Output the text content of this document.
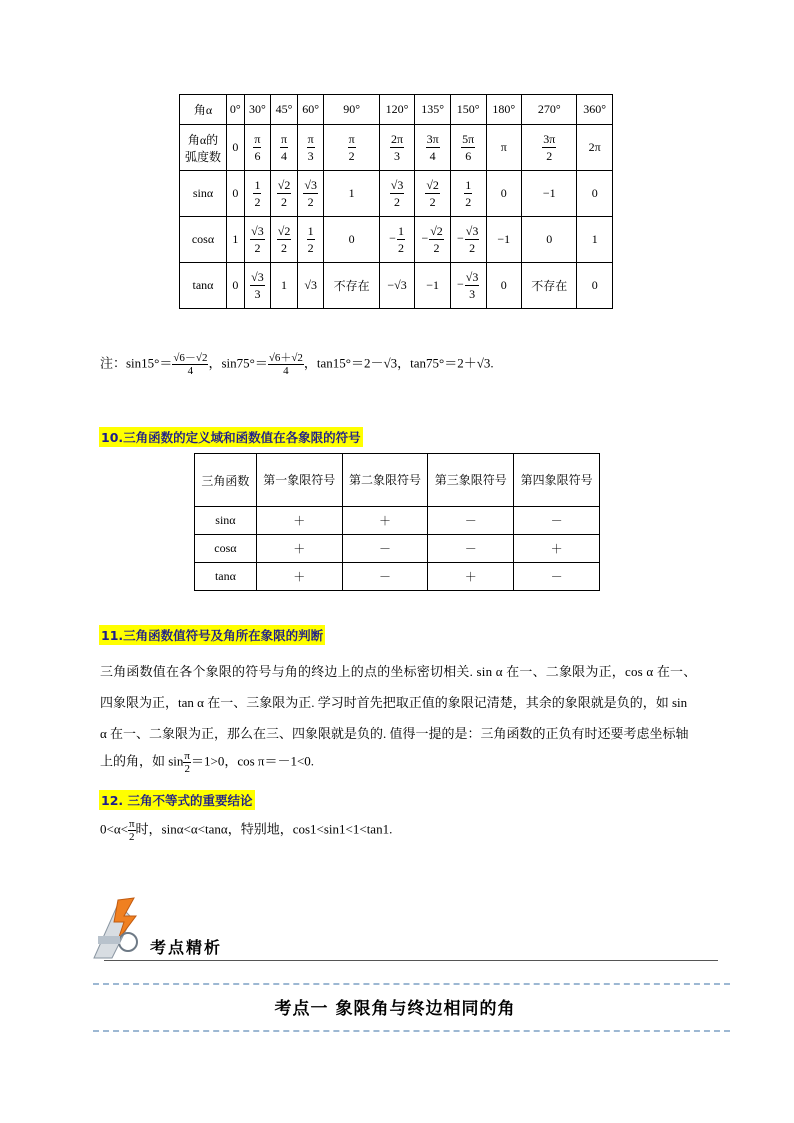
角α	0°	30°	45°	60°	90°	120°	135°	150°	180°	270°	360°
角α的
弧度数	0	$\frac{\pi}{6}$	$\frac{\pi}{4}$	$\frac{\pi}{3}$	$\frac{\pi}{2}$	$\frac{2\pi}{3}$	$\frac{3\pi}{4}$	$\frac{5\pi}{6}$	π	$\frac{3\pi}{2}$	2π
sinα	0	$\frac{1}{2}$	$\frac{√2}{2}$	$\frac{√3}{2}$	1	$\frac{√3}{2}$	$\frac{√2}{2}$	$\frac{1}{2}$	0	−1	0
cosα	1	$\frac{√3}{2}$	$\frac{√2}{2}$	$\frac{1}{2}$	0	− $\frac{1}{2}$	− $\frac{√2}{2}$	− $\frac{√3}{2}$	−1	0	1
tanα	0	$\frac{√3}{3}$	1	√3	不存在	−√3	−1	− $\frac{√3}{3}$	0	不存在	0
注：$\sin 15^\circ= \frac{√6-√2}{4}$ ，$\sin 75^\circ= \frac{√6+√2}{4}$ ，tan15°＝2－√3，tan75°＝2＋√3.
10.三角函数的定义域和函数值在各象限的符号
三角函数	第一象限符号	第二象限符号	第三象限符号	第四象限符号
sinα	＋	＋	－	－
cosα	＋	－	－	＋
tanα	＋	－	＋	－
11.三角函数值符号及角所在象限的判断
三角函数值在各个象限的符号与角的终边上的点的坐标密切相关. sin α 在一、二象限为正，cos α 在一、
四象限为正，tan α 在一、三象限为正. 学习时首先把取正值的象限记清楚，其余的象限就是负的，如 sin
α 在一、二象限为正，那么在三、四象限就是负的. 值得一提的是：三角函数的正负有时还要考虑坐标轴
上的角，如 $\sin \frac{\pi}{2} =1>0$，cos π＝－1<0.
12. 三角不等式的重要结论
$0<\alpha< \frac{\pi}{2}$ 时，sinα<α<tanα，特别地，cos1<sin1<1<tan1.
考点精析
考点一 象限角与终边相同的角
